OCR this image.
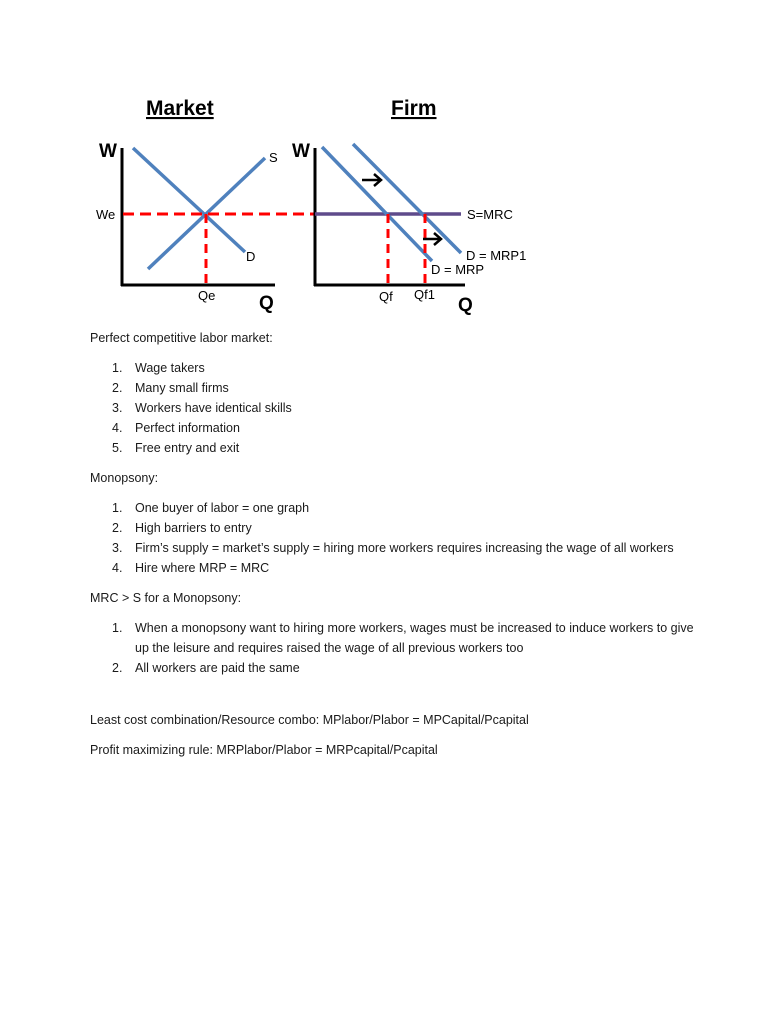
Market	Firm
W
Q
S
D
We
Qe
W
Q
S=MRC
D = MRP1
D = MRP
Qf Qf1

Perfect competitive labor market:

1. Wage takers
2. Many small firms
3. Workers have identical skills
4. Perfect information
5. Free entry and exit

Monopsony:

1. One buyer of labor = one graph
2. High barriers to entry
3. Firm’s supply = market’s supply = hiring more workers requires increasing the wage of all workers
4. Hire where MRP = MRC

MRC > S for a Monopsony:

1. When a monopsony want to hiring more workers, wages must be increased to induce workers to give up the leisure and requires raised the wage of all previous workers too
2. All workers are paid the same

Least cost combination/Resource combo: MPlabor/Plabor = MPCapital/Pcapital

Profit maximizing rule: MRPlabor/Plabor = MRPcapital/Pcapital
